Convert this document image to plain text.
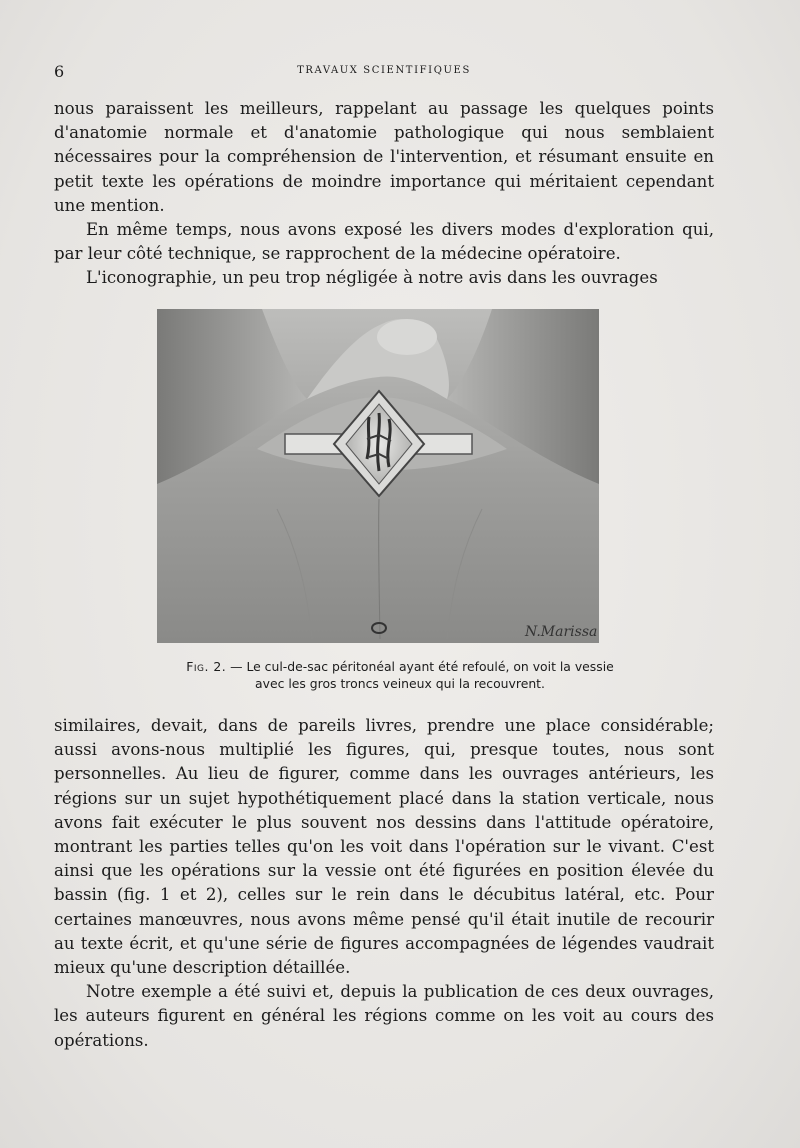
6	TRAVAUX SCIENTIFIQUES

nous paraissent les meilleurs, rappelant au passage les quelques points d'anatomie normale et d'anatomie pathologique qui nous semblaient nécessaires pour la compréhension de l'intervention, et résumant ensuite en petit texte les opérations de moindre importance qui méritaient cependant une mention.

En même temps, nous avons exposé les divers modes d'exploration qui, par leur côté technique, se rapprochent de la médecine opératoire.

L'iconographie, un peu trop négligée à notre avis dans les ouvrages

N.Marissa
Fig. 2. — Le cul-de-sac péritonéal ayant été refoulé, on voit la vessie
avec les gros troncs veineux qui la recouvrent.

similaires, devait, dans de pareils livres, prendre une place considérable; aussi avons-nous multiplié les figures, qui, presque toutes, nous sont personnelles. Au lieu de figurer, comme dans les ouvrages antérieurs, les régions sur un sujet hypothétiquement placé dans la station verticale, nous avons fait exécuter le plus souvent nos dessins dans l'attitude opératoire, montrant les parties telles qu'on les voit dans l'opération sur le vivant. C'est ainsi que les opérations sur la vessie ont été figurées en position élevée du bassin (fig. 1 et 2), celles sur le rein dans le décubitus latéral, etc. Pour certaines manœuvres, nous avons même pensé qu'il était inutile de recourir au texte écrit, et qu'une série de figures accompagnées de légendes vaudrait mieux qu'une description détaillée.

Notre exemple a été suivi et, depuis la publication de ces deux ouvrages, les auteurs figurent en général les régions comme on les voit au cours des opérations.
